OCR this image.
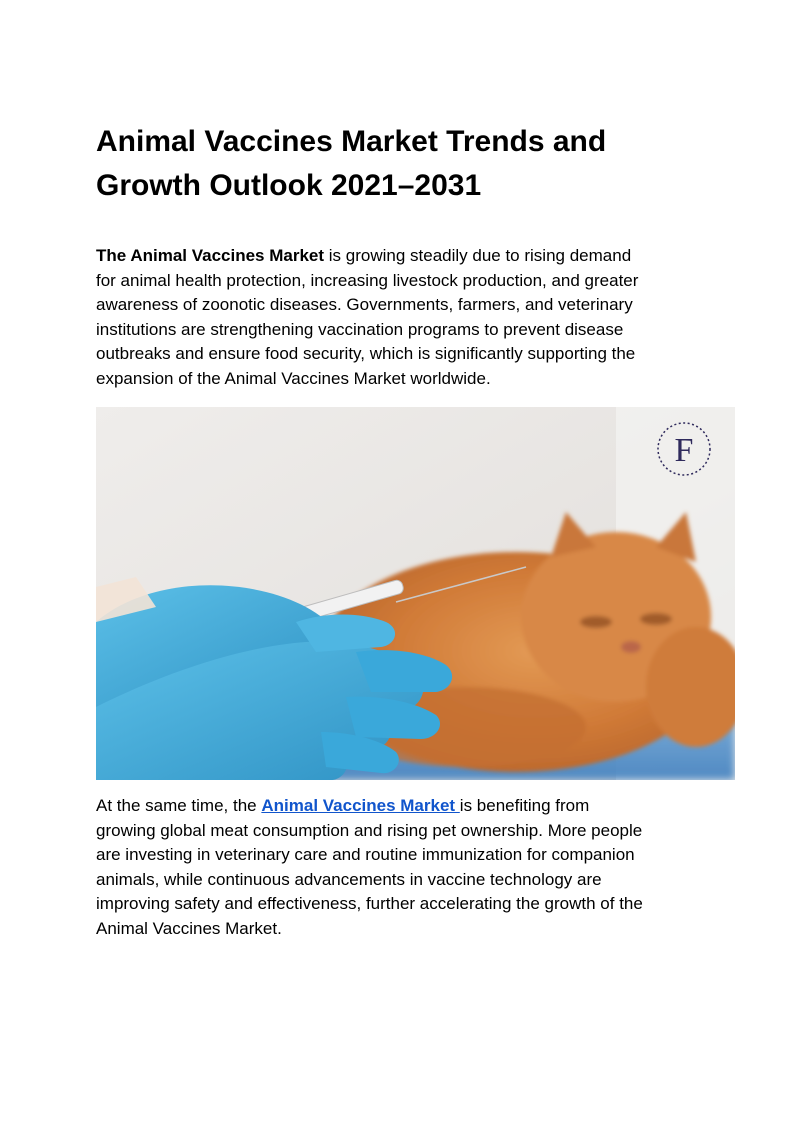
Animal Vaccines Market Trends and
Growth Outlook 2021–2031

The Animal Vaccines Market is growing steadily due to rising demand
for animal health protection, increasing livestock production, and greater
awareness of zoonotic diseases. Governments, farmers, and veterinary
institutions are strengthening vaccination programs to prevent disease
outbreaks and ensure food security, which is significantly supporting the
expansion of the Animal Vaccines Market worldwide.

F

At the same time, the Animal Vaccines Market is benefiting from
growing global meat consumption and rising pet ownership. More people
are investing in veterinary care and routine immunization for companion
animals, while continuous advancements in vaccine technology are
improving safety and effectiveness, further accelerating the growth of the
Animal Vaccines Market.
